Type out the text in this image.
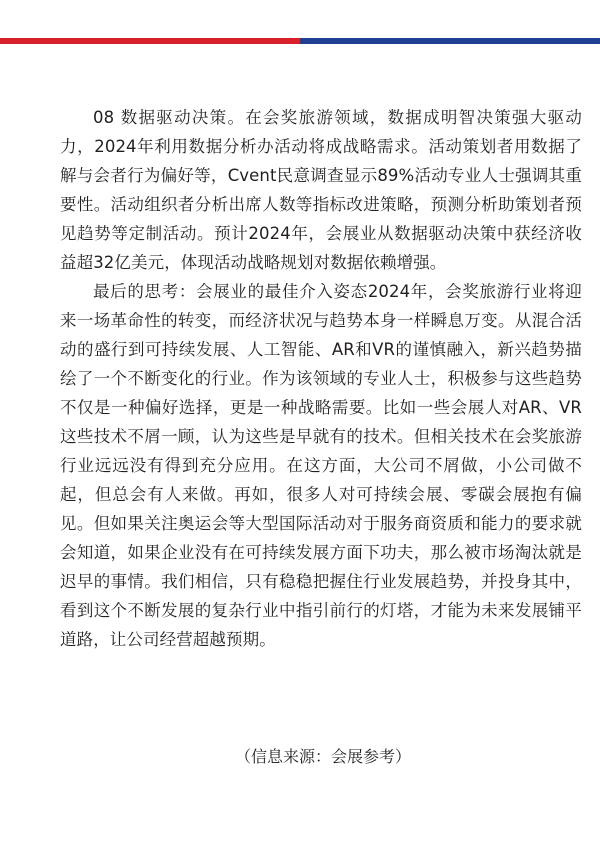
08 数据驱动决策。在会奖旅游领域，数据成明智决策强大驱动力，2024年利用数据分析办活动将成战略需求。活动策划者用数据了解与会者行为偏好等，Cvent民意调查显示89%活动专业人士强调其重要性。活动组织者分析出席人数等指标改进策略，预测分析助策划者预见趋势等定制活动。预计2024年，会展业从数据驱动决策中获经济收益超32亿美元，体现活动战略规划对数据依赖增强。

最后的思考：会展业的最佳介入姿态2024年，会奖旅游行业将迎来一场革命性的转变，而经济状况与趋势本身一样瞬息万变。从混合活动的盛行到可持续发展、人工智能、AR和VR的谨慎融入，新兴趋势描绘了一个不断变化的行业。作为该领域的专业人士，积极参与这些趋势不仅是一种偏好选择，更是一种战略需要。比如一些会展人对AR、VR这些技术不屑一顾，认为这些是早就有的技术。但相关技术在会奖旅游行业远远没有得到充分应用。在这方面，大公司不屑做，小公司做不起，但总会有人来做。再如，很多人对可持续会展、零碳会展抱有偏见。但如果关注奥运会等大型国际活动对于服务商资质和能力的要求就会知道，如果企业没有在可持续发展方面下功夫，那么被市场淘汰就是迟早的事情。我们相信，只有稳稳把握住行业发展趋势，并投身其中，看到这个不断发展的复杂行业中指引前行的灯塔，才能为未来发展铺平道路，让公司经营超越预期。

（信息来源：会展参考）
